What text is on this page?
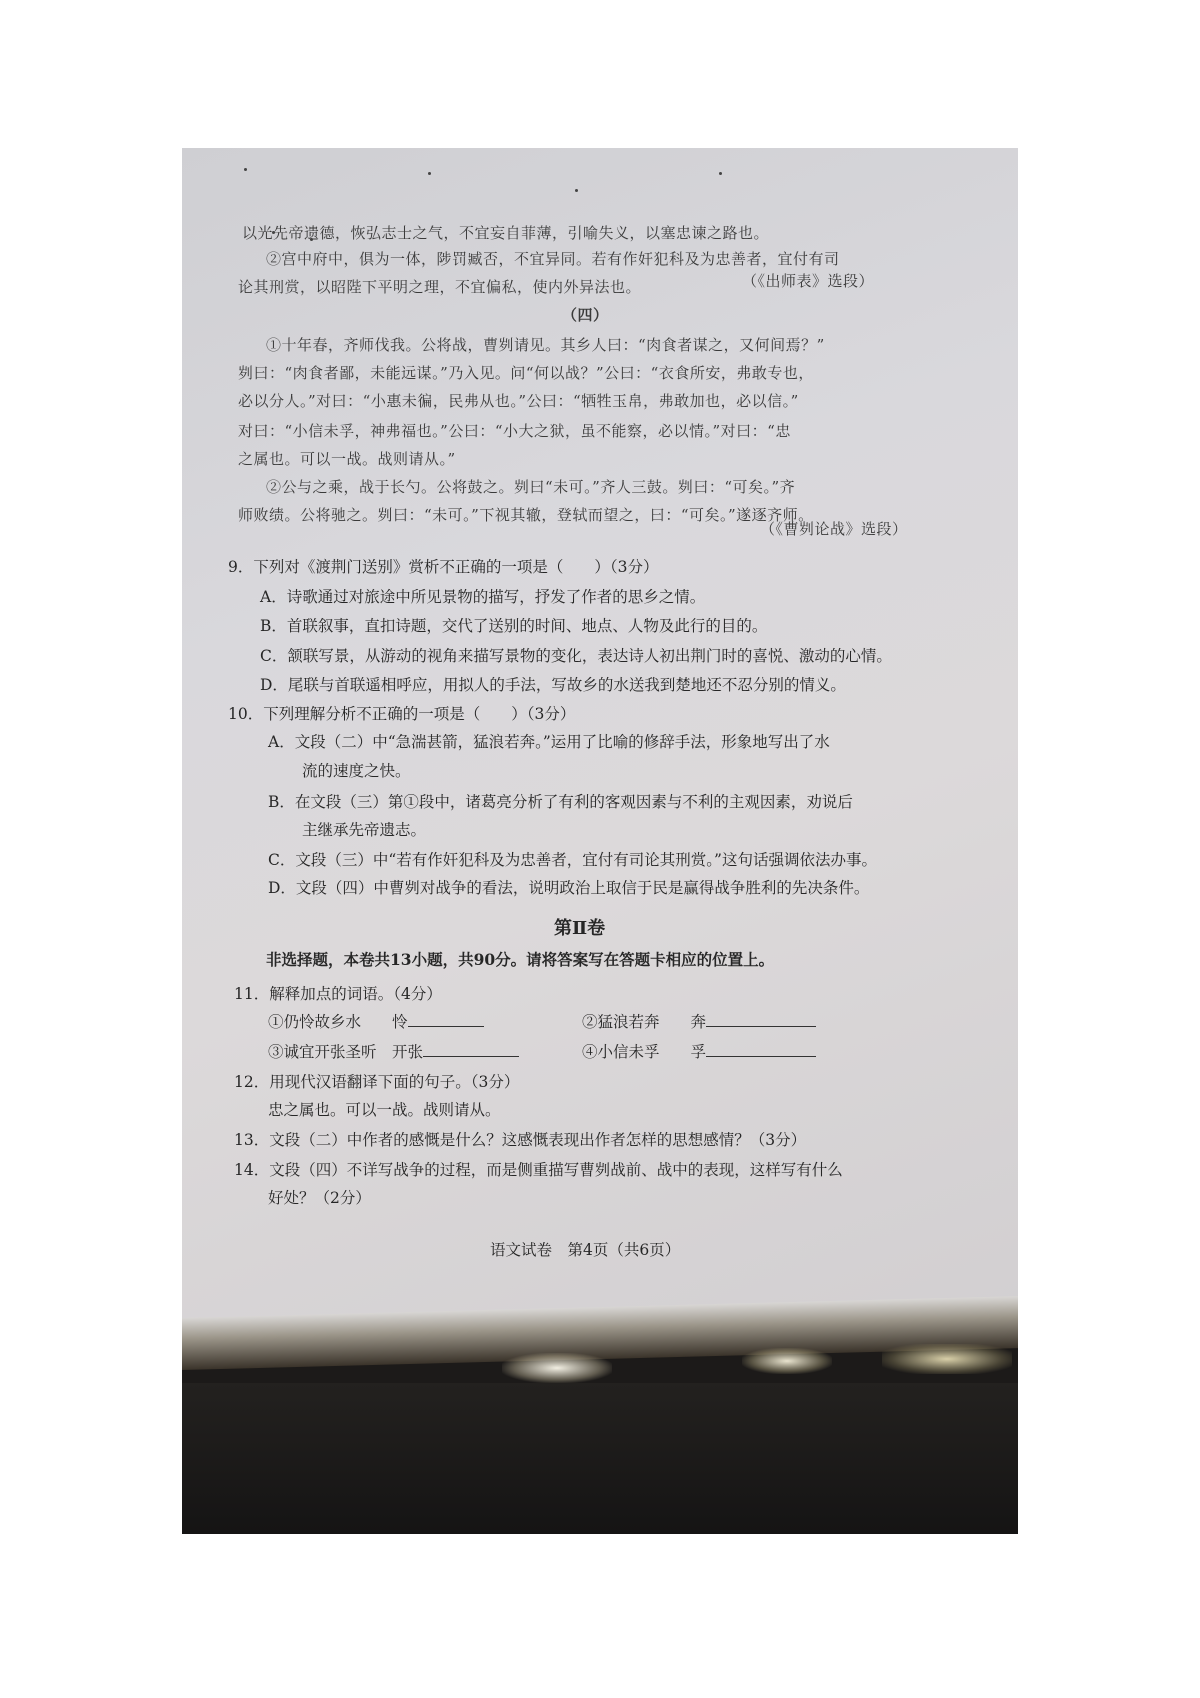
以光先帝遗德，恢弘志士之气，不宜妄自菲薄，引喻失义，以塞忠谏之路也。
②宫中府中，俱为一体，陟罚臧否，不宜异同。若有作奸犯科及为忠善者，宜付有司
论其刑赏，以昭陛下平明之理，不宜偏私，使内外异法也。	（《出师表》选段）
（四）
①十年春，齐师伐我。公将战，曹刿请见。其乡人曰：“肉食者谋之，又何间焉？”
刿曰：“肉食者鄙，未能远谋。”乃入见。问“何以战？”公曰：“衣食所安，弗敢专也，
必以分人。”对曰：“小惠未徧，民弗从也。”公曰：“牺牲玉帛，弗敢加也，必以信。”
对曰：“小信未孚，神弗福也。”公曰：“小大之狱，虽不能察，必以情。”对曰：“忠
之属也。可以一战。战则请从。”
②公与之乘，战于长勺。公将鼓之。刿曰“未可。”齐人三鼓。刿曰：“可矣。”齐
师败绩。公将驰之。刿曰：“未可。”下视其辙，登轼而望之，曰：“可矣。”遂逐齐师。
（《曹刿论战》选段）
9．下列对《渡荆门送别》赏析不正确的一项是（　　）（3分）
A．诗歌通过对旅途中所见景物的描写，抒发了作者的思乡之情。
B．首联叙事，直扣诗题，交代了送别的时间、地点、人物及此行的目的。
C．颔联写景，从游动的视角来描写景物的变化，表达诗人初出荆门时的喜悦、激动的心情。
D．尾联与首联遥相呼应，用拟人的手法，写故乡的水送我到楚地还不忍分别的情义。
10．下列理解分析不正确的一项是（　　）（3分）
A．文段（二）中“急湍甚箭，猛浪若奔。”运用了比喻的修辞手法，形象地写出了水
流的速度之快。
B．在文段（三）第①段中，诸葛亮分析了有利的客观因素与不利的主观因素，劝说后
主继承先帝遗志。
C．文段（三）中“若有作奸犯科及为忠善者，宜付有司论其刑赏。”这句话强调依法办事。
D．文段（四）中曹刿对战争的看法，说明政治上取信于民是赢得战争胜利的先决条件。
第Ⅱ卷
非选择题，本卷共13小题，共90分。请将答案写在答题卡相应的位置上。
11．解释加点的词语。（4分）
①仍怜故乡水　　怜	②猛浪若奔　　奔
③诚宜开张圣听　开张	④小信未孚　　孚
12．用现代汉语翻译下面的句子。（3分）
忠之属也。可以一战。战则请从。
13．文段（二）中作者的感慨是什么？这感慨表现出作者怎样的思想感情？（3分）
14．文段（四）不详写战争的过程，而是侧重描写曹刿战前、战中的表现，这样写有什么
好处？（2分）
语文试卷　第4页（共6页）
